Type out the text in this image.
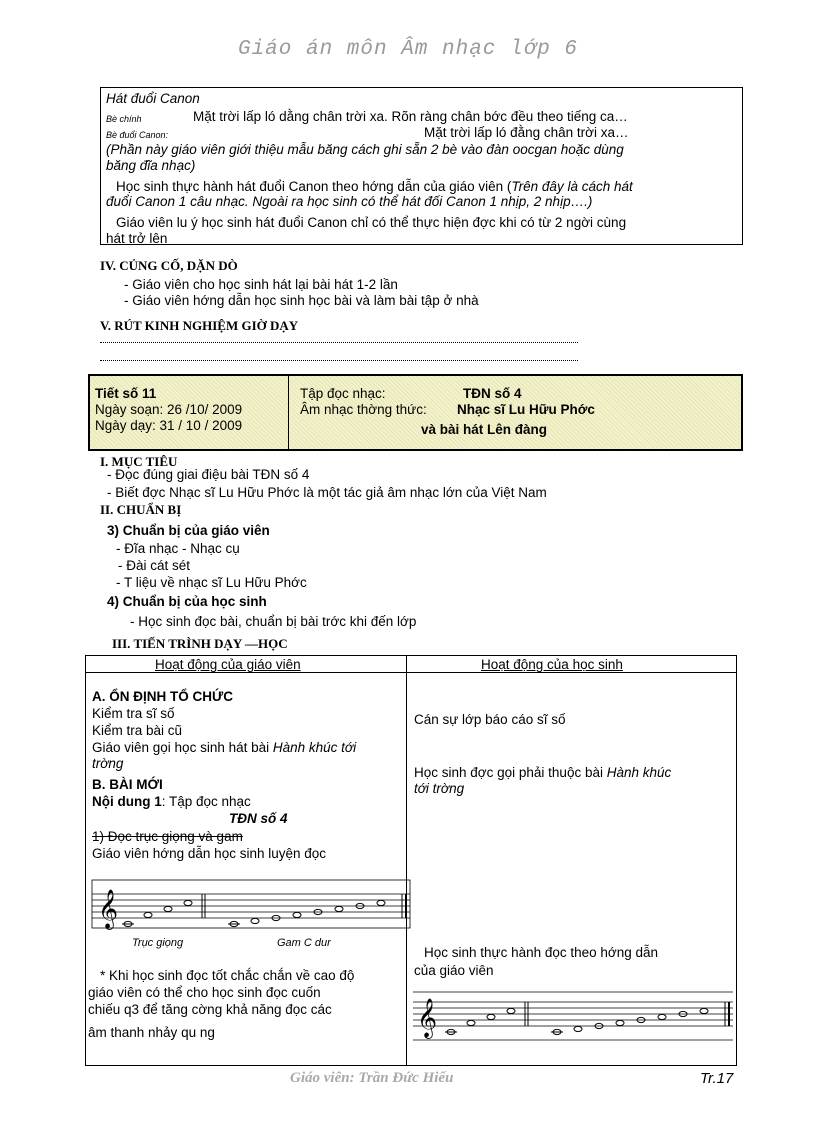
Giáo án môn Âm nhạc lớp 6
Hát đuổi Canon
Bè chính	Mặt trời lấp ló dằng chân trời xa. Rõn ràng chân bớc đều theo tiếng ca…
Bè đuổi Canon:	Mặt trời lấp ló đằng chân trời xa…
(Phần này giáo viên giới thiệu mẫu băng cách ghi sẵn 2 bè vào đàn oocgan hoặc dùng
băng đĩa nhạc)
Học sinh thực hành hát đuổi Canon theo hớng dẫn của giáo viên (Trên đây là cách hát
đuổi Canon 1 câu nhạc. Ngoài ra học sinh có thể hát đối Canon 1 nhịp, 2 nhịp….)
Giáo viên lu ý học sinh hát đuổi Canon chỉ có thể thực hiện đợc khi có từ 2 ngời cùng
hát trở lên
IV. CỦNG CỐ, DẶN DÒ
- Giáo viên cho học sinh hát lại bài hát 1-2 lần
- Giáo viên hớng dẫn học sinh học bài và làm bài tập ở nhà
V. RÚT KINH NGHIỆM GIỜ DẠY
Tiết số 11
Ngày soạn: 26 /10/ 2009
Ngày dạy: 31 / 10 / 2009
Tập đọc nhạc:	TĐN số 4
Âm nhạc thờng thức: Nhạc sĩ Lu Hữu Phớc
và bài hát Lên đàng
I. MỤC TIÊU
- Đọc đúng giai điệu bài TĐN số 4
- Biết đợc Nhạc sĩ Lu Hữu Phớc là một tác giả âm nhạc lớn của Việt Nam
II. CHUẨN BỊ
3) Chuẩn bị của giáo viên
- Đĩa nhạc - Nhạc cụ
- Đài cát sét
- T liệu về nhạc sĩ Lu Hữu Phớc
4) Chuẩn bị của học sinh
- Học sinh đọc bài, chuẩn bị bài trớc khi đến lớp
III. TIẾN TRÌNH DẠY —HỌC
Hoạt động của giáo viên	Hoạt động của học sinh
A. ỔN ĐỊNH TỔ CHỨC
Kiểm tra sĩ số
Kiểm tra bài cũ
Giáo viên gọi học sinh hát bài Hành khúc tới
trờng
B. BÀI MỚI
Nội dung 1: Tập đọc nhạc
TĐN số 4
1) Đọc trục giọng và gam
Giáo viên hớng dẫn học sinh luyện đọc
𝄞
Trục giọng	Gam C dur
* Khi học sinh đọc tốt chắc chắn về cao độ
giáo viên có thể cho học sinh đọc cuốn
chiếu q3 để tăng cờng khả năng đọc các
âm thanh nhảy qu ng
Cán sự lớp báo cáo sĩ số
Học sinh đợc gọi phải thuộc bài Hành khúc
tới trờng
Học sinh thực hành đọc theo hớng dẫn
của giáo viên
𝄞
Giáo viên: Trần Đức Hiếu	Tr.17
